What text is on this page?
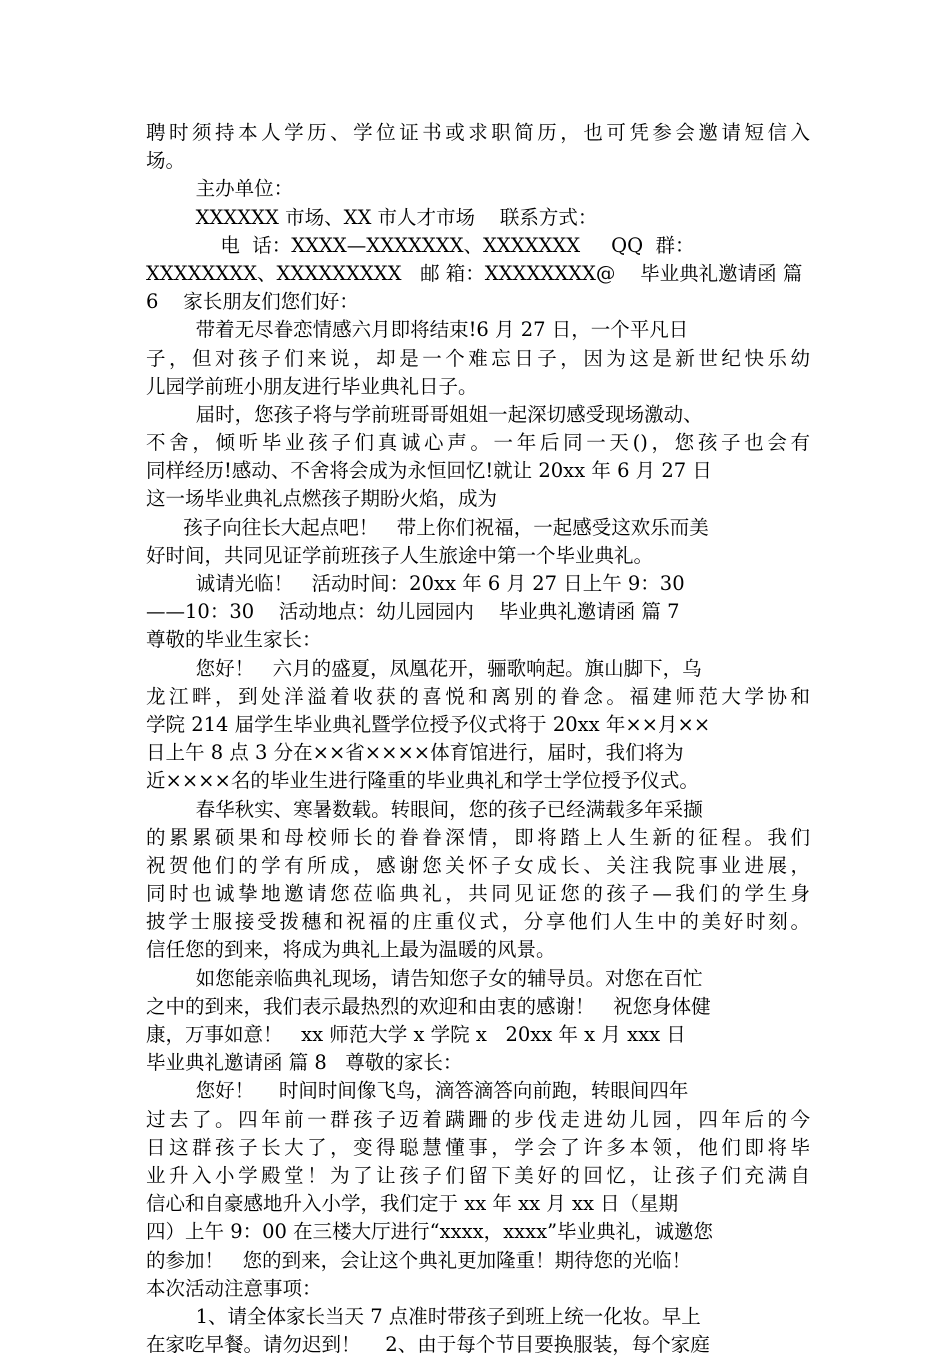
聘时须持本人学历、学位证书或求职简历，也可凭参会邀请短信入
场。
主办单位：
XXXXXX 市场、XX 市人才市场    联系方式：
电  话：XXXX—XXXXXXX、XXXXXXX     QQ  群：
XXXXXXXX、XXXXXXXXX   邮 箱：XXXXXXXX@    毕业典礼邀请函 篇
6    家长朋友们您们好：
带着无尽眷恋情感六月即将结束!6 月 27 日，一个平凡日
子，但对孩子们来说，却是一个难忘日子，因为这是新世纪快乐幼
儿园学前班小朋友进行毕业典礼日子。
届时，您孩子将与学前班哥哥姐姐一起深切感受现场激动、
不舍，倾听毕业孩子们真诚心声。一年后同一天()，您孩子也会有
同样经历!感动、不舍将会成为永恒回忆!就让 20xx 年 6 月 27 日
这一场毕业典礼点燃孩子期盼火焰，成为
孩子向往长大起点吧！   带上你们祝福，一起感受这欢乐而美
好时间，共同见证学前班孩子人生旅途中第一个毕业典礼。
诚请光临！   活动时间：20xx 年 6 月 27 日上午 9：30
——10：30    活动地点：幼儿园园内    毕业典礼邀请函 篇 7
尊敬的毕业生家长：
您好！   六月的盛夏，凤凰花开，骊歌响起。旗山脚下，乌
龙江畔，到处洋溢着收获的喜悦和离别的眷念。福建师范大学协和
学院 214 届学生毕业典礼暨学位授予仪式将于 20xx 年××月××
日上午 8 点 3 分在××省××××体育馆进行，届时，我们将为
近××××名的毕业生进行隆重的毕业典礼和学士学位授予仪式。
春华秋实、寒暑数载。转眼间，您的孩子已经满载多年采撷
的累累硕果和母校师长的眷眷深情，即将踏上人生新的征程。我们
祝贺他们的学有所成，感谢您关怀子女成长、关注我院事业进展，
同时也诚挚地邀请您莅临典礼，共同见证您的孩子—我们的学生身
披学士服接受拨穗和祝福的庄重仪式，分享他们人生中的美好时刻。
信任您的到来，将成为典礼上最为温暖的风景。
如您能亲临典礼现场，请告知您子女的辅导员。对您在百忙
之中的到来，我们表示最热烈的欢迎和由衷的感谢！   祝您身体健
康，万事如意！   xx 师范大学 x 学院 x   20xx 年 x 月 xxx 日
毕业典礼邀请函 篇 8   尊敬的家长：
您好！    时间时间像飞鸟，滴答滴答向前跑，转眼间四年
过去了。四年前一群孩子迈着蹒跚的步伐走进幼儿园，四年后的今
日这群孩子长大了，变得聪慧懂事，学会了许多本领，他们即将毕
业升入小学殿堂！为了让孩子们留下美好的回忆，让孩子们充满自
信心和自豪感地升入小学，我们定于 xx 年 xx 月 xx 日（星期
四）上午 9：00 在三楼大厅进行“xxxx，xxxx”毕业典礼，诚邀您
的参加！   您的到来，会让这个典礼更加隆重！期待您的光临！
本次活动注意事项：
1、请全体家长当天 7 点准时带孩子到班上统一化妆。早上
在家吃早餐。请勿迟到！    2、由于每个节目要换服装，每个家庭
